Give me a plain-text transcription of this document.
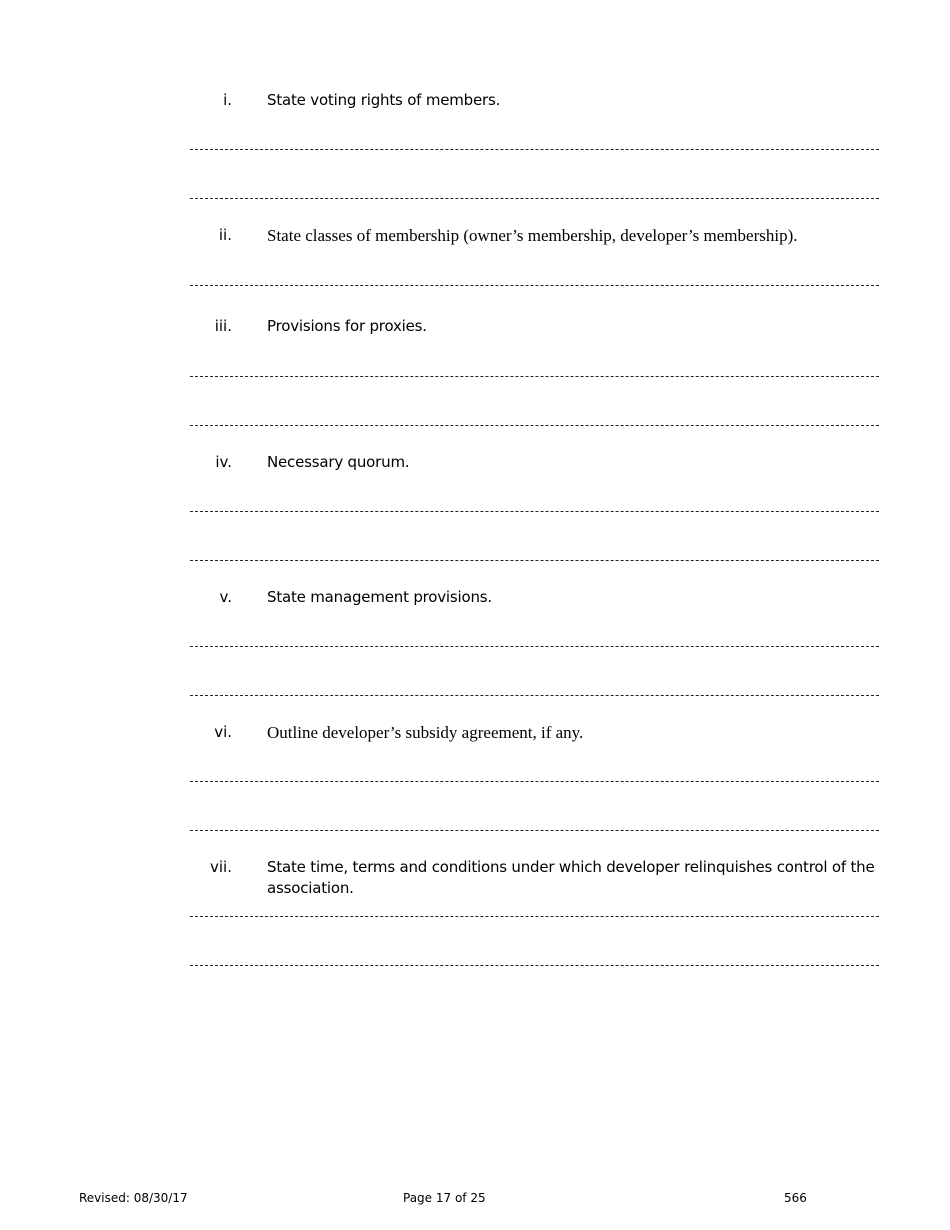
i. State voting rights of members.
ii. State classes of membership (owner’s membership, developer’s membership).
iii. Provisions for proxies.
iv. Necessary quorum.
v. State management provisions.
vi. Outline developer’s subsidy agreement, if any.
vii. State time, terms and conditions under which developer relinquishes control of the association.
Revised: 08/30/17	Page 17 of 25	566
